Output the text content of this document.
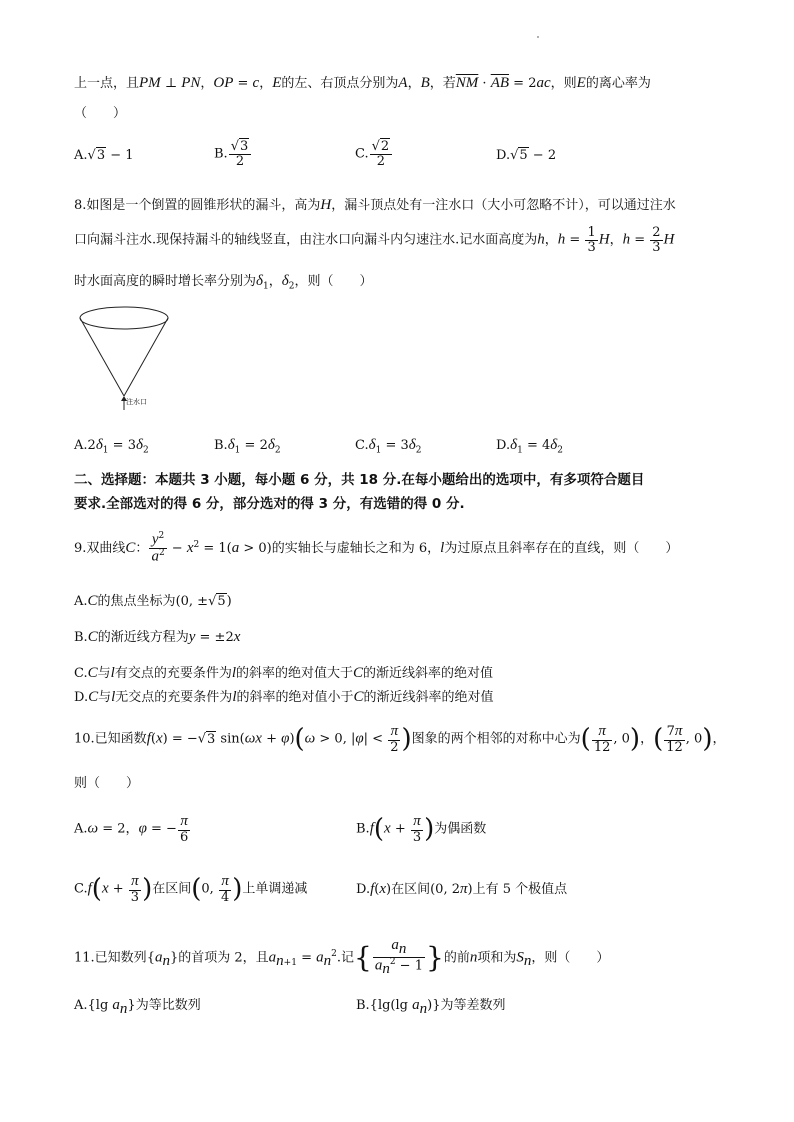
上一点，且PM ⊥ PN，OP = c，E的左、右顶点分别为A，B，若$\overline{NM} \cdot \overline{AB} = 2ac$，则E的离心率为
（　　）
A.√3 − 1	B. $\frac{√3}{2}$	C. $\frac{√2}{2}$	D.√5 − 2
8.如图是一个倒置的圆锥形状的漏斗，高为H，漏斗顶点处有一注水口（大小可忽略不计），可以通过注水
口向漏斗注水.现保持漏斗的轴线竖直，由注水口向漏斗内匀速注水.记水面高度为h，$h = \frac{1}{3}$ H，$h = \frac{2}{3}$ H
时水面高度的瞬时增长率分别为$\delta_1$，$\delta_2$，则（　　）
注水口
$A.2\delta_1 = 3\delta_2$	$B.\delta_1 = 2\delta_2$	$C.\delta_1 = 3\delta_2$	$D.\delta_1 = 4\delta_2$
二、选择题：本题共 3 小题，每小题 6 分，共 18 分.在每小题给出的选项中，有多项符合题目
要求.全部选对的得 6 分，部分选对的得 3 分，有选错的得 0 分.
9.双曲线C： $\frac{y^2}{a^2} - x^2 = 1(a > 0)$的实轴长与虚轴长之和为 6，l为过原点且斜率存在的直线，则（　　）
A.C的焦点坐标为(0, ±√5)
B.C的渐近线方程为y = ±2x
C.C与l有交点的充要条件为l的斜率的绝对值大于C的渐近线斜率的绝对值
D.C与l无交点的充要条件为l的斜率的绝对值小于C的渐近线斜率的绝对值
10.已知函数f(x) = −√3 sin(ωx + φ)(ω > 0, $|\varphi| < \frac{\pi}{2}$ )图象的两个相邻的对称中心为( $\frac{\pi}{12}$ , 0)，( $\frac{7\pi}{12}$ , 0)，
则（　　）
A.ω = 2，φ = − $\frac{\pi}{6}$	$B.f(x + \frac{\pi}{3}$ )为偶函数
$C.f(x + \frac{\pi}{3}$ )在区间(0, $\frac{\pi}{4}$ )上单调递减	D.f(x)在区间(0, 2π)上有 5 个极值点
11.已知数列$\{a_n\}$的首项为 2，且$a_{n+1} = a_n^2$.记{ $\frac{a_n}{a_n^2 - 1}$ }的前n项和为$S_n$，则（　　）
A.{lg $a_n$}为等比数列	B.{lg(lg $a_n$)}为等差数列
